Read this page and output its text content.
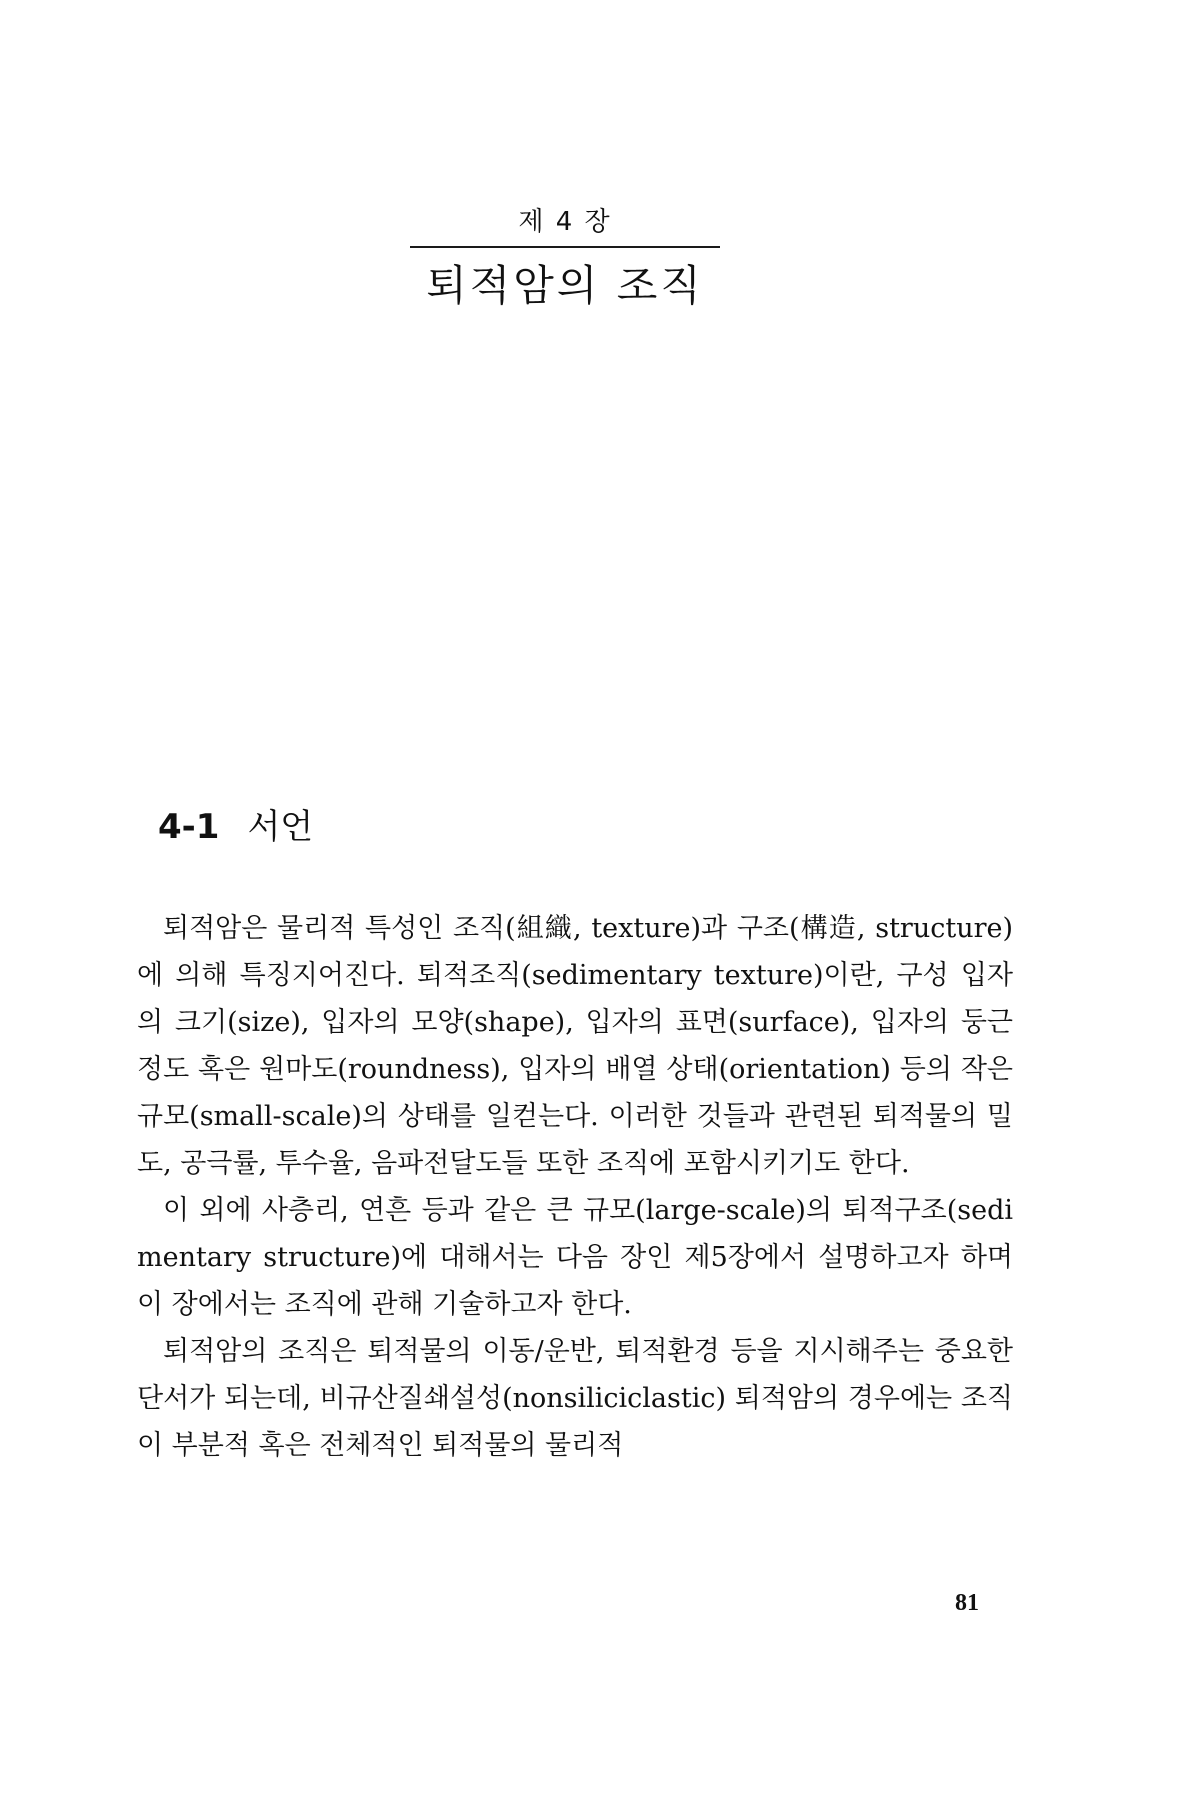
제 4 장
퇴적암의 조직
4-1 서언

퇴적암은 물리적 특성인 조직(組織, texture)과 구조(構造, structure)에 의해 특징지어진다. 퇴적조직(sedimentary texture)이란, 구성 입자의 크기(size), 입자의 모양(shape), 입자의 표면(surface), 입자의 둥근 정도 혹은 원마도(roundness), 입자의 배열 상태(orientation) 등의 작은 규모(small-scale)의 상태를 일컫는다. 이러한 것들과 관련된 퇴적물의 밀도, 공극률, 투수율, 음파전달도들 또한 조직에 포함시키기도 한다.

이 외에 사층리, 연흔 등과 같은 큰 규모(large-scale)의 퇴적구조(sedimentary structure)에 대해서는 다음 장인 제5장에서 설명하고자 하며 이 장에서는 조직에 관해 기술하고자 한다.

퇴적암의 조직은 퇴적물의 이동/운반, 퇴적환경 등을 지시해주는 중요한 단서가 되는데, 비규산질쇄설성(nonsiliciclastic) 퇴적암의 경우에는 조직이 부분적 혹은 전체적인 퇴적물의 물리적

81
